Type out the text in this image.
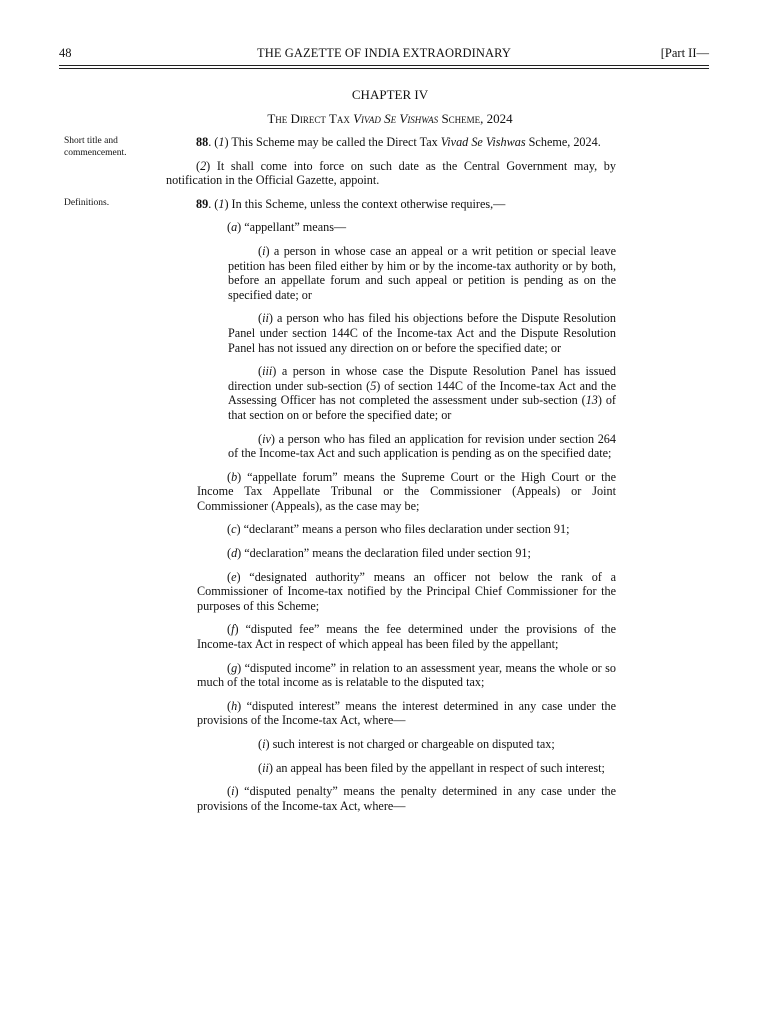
THE GAZETTE OF INDIA EXTRAORDINARY
48	[Part II—
CHAPTER IV
The Direct Tax Vivad Se Vishwas Scheme, 2024
Short title and commencement.

88. (1) This Scheme may be called the Direct Tax Vivad Se Vishwas Scheme, 2024.

(2) It shall come into force on such date as the Central Government may, by notification in the Official Gazette, appoint.

Definitions.	89. (1) In this Scheme, unless the context otherwise requires,—

(a) “appellant” means—

(i) a person in whose case an appeal or a writ petition or special leave petition has been filed either by him or by the income-tax authority or by both, before an appellate forum and such appeal or petition is pending as on the specified date; or

(ii) a person who has filed his objections before the Dispute Resolution Panel under section 144C of the Income-tax Act and the Dispute Resolution Panel has not issued any direction on or before the specified date; or

(iii) a person in whose case the Dispute Resolution Panel has issued direction under sub-section (5) of section 144C of the Income-tax Act and the Assessing Officer has not completed the assessment under sub-section (13) of that section on or before the specified date; or

(iv) a person who has filed an application for revision under section 264 of the Income-tax Act and such application is pending as on the specified date;

(b) “appellate forum” means the Supreme Court or the High Court or the Income Tax Appellate Tribunal or the Commissioner (Appeals) or Joint Commissioner (Appeals), as the case may be;

(c) “declarant” means a person who files declaration under section 91;

(d) “declaration” means the declaration filed under section 91;

(e) “designated authority” means an officer not below the rank of a Commissioner of Income-tax notified by the Principal Chief Commissioner for the purposes of this Scheme;

(f) “disputed fee” means the fee determined under the provisions of the Income-tax Act in respect of which appeal has been filed by the appellant;

(g) “disputed income” in relation to an assessment year, means the whole or so much of the total income as is relatable to the disputed tax;

(h) “disputed interest” means the interest determined in any case under the provisions of the Income-tax Act, where—

(i) such interest is not charged or chargeable on disputed tax;

(ii) an appeal has been filed by the appellant in respect of such interest;

(i) “disputed penalty” means the penalty determined in any case under the provisions of the Income-tax Act, where—
